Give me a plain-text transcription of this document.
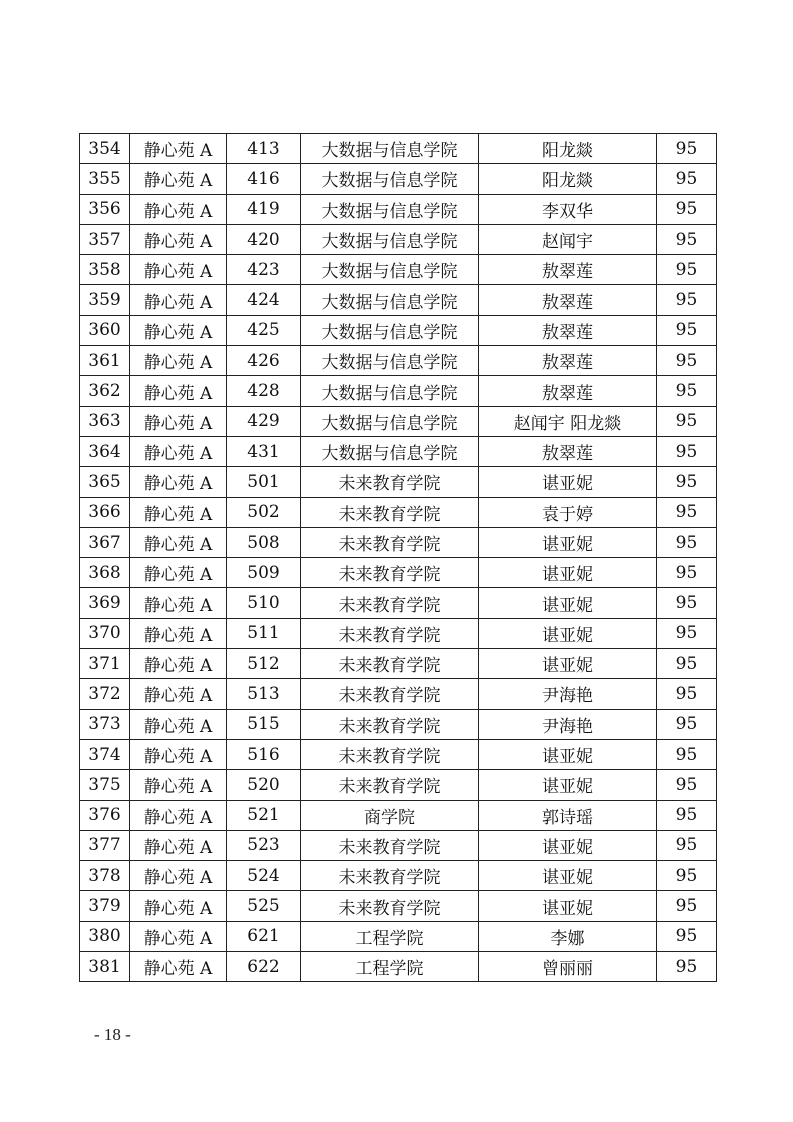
354	静心苑 A	413	大数据与信息学院	阳龙燚	95
355	静心苑 A	416	大数据与信息学院	阳龙燚	95
356	静心苑 A	419	大数据与信息学院	李双华	95
357	静心苑 A	420	大数据与信息学院	赵闻宇	95
358	静心苑 A	423	大数据与信息学院	敖翠莲	95
359	静心苑 A	424	大数据与信息学院	敖翠莲	95
360	静心苑 A	425	大数据与信息学院	敖翠莲	95
361	静心苑 A	426	大数据与信息学院	敖翠莲	95
362	静心苑 A	428	大数据与信息学院	敖翠莲	95
363	静心苑 A	429	大数据与信息学院	赵闻宇 阳龙燚	95
364	静心苑 A	431	大数据与信息学院	敖翠莲	95
365	静心苑 A	501	未来教育学院	谌亚妮	95
366	静心苑 A	502	未来教育学院	袁于婷	95
367	静心苑 A	508	未来教育学院	谌亚妮	95
368	静心苑 A	509	未来教育学院	谌亚妮	95
369	静心苑 A	510	未来教育学院	谌亚妮	95
370	静心苑 A	511	未来教育学院	谌亚妮	95
371	静心苑 A	512	未来教育学院	谌亚妮	95
372	静心苑 A	513	未来教育学院	尹海艳	95
373	静心苑 A	515	未来教育学院	尹海艳	95
374	静心苑 A	516	未来教育学院	谌亚妮	95
375	静心苑 A	520	未来教育学院	谌亚妮	95
376	静心苑 A	521	商学院	郭诗瑶	95
377	静心苑 A	523	未来教育学院	谌亚妮	95
378	静心苑 A	524	未来教育学院	谌亚妮	95
379	静心苑 A	525	未来教育学院	谌亚妮	95
380	静心苑 A	621	工程学院	李娜	95
381	静心苑 A	622	工程学院	曾丽丽	95
- 18 -
